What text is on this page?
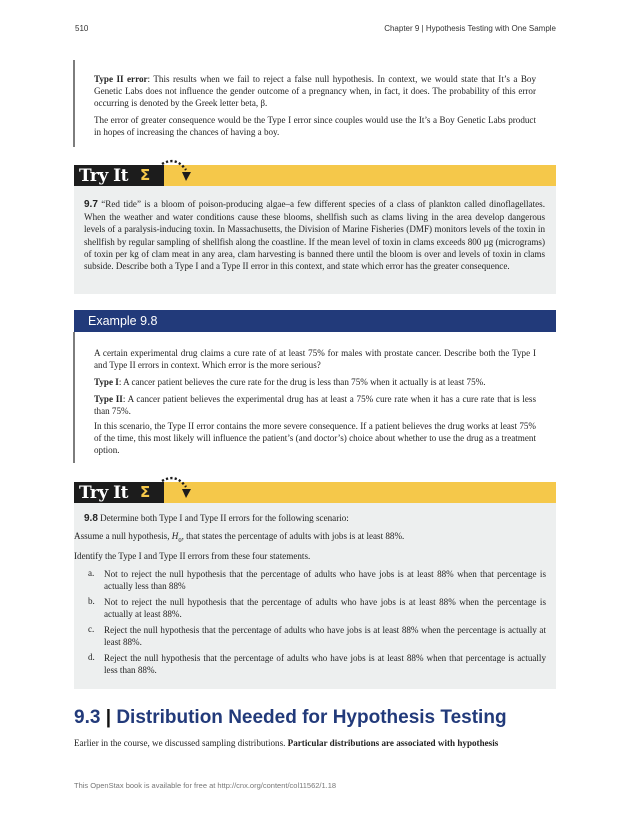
510	Chapter 9 | Hypothesis Testing with One Sample

Type II error: This results when we fail to reject a false null hypothesis. In context, we would state that It’s a Boy Genetic Labs does not influence the gender outcome of a pregnancy when, in fact, it does. The probability of this error occurring is denoted by the Greek letter beta, β.

The error of greater consequence would be the Type I error since couples would use the It’s a Boy Genetic Labs product in hopes of increasing the chances of having a boy.

Try It Σ

9.7 “Red tide” is a bloom of poison-producing algae–a few different species of a class of plankton called dinoflagellates. When the weather and water conditions cause these blooms, shellfish such as clams living in the area develop dangerous levels of a paralysis-inducing toxin. In Massachusetts, the Division of Marine Fisheries (DMF) monitors levels of the toxin in shellfish by regular sampling of shellfish along the coastline. If the mean level of toxin in clams exceeds 800 μg (micrograms) of toxin per kg of clam meat in any area, clam harvesting is banned there until the bloom is over and levels of toxin in clams subside. Describe both a Type I and a Type II error in this context, and state which error has the greater consequence.

Example 9.8

A certain experimental drug claims a cure rate of at least 75% for males with prostate cancer. Describe both the Type I and Type II errors in context. Which error is the more serious?

Type I: A cancer patient believes the cure rate for the drug is less than 75% when it actually is at least 75%.

Type II: A cancer patient believes the experimental drug has at least a 75% cure rate when it has a cure rate that is less than 75%.

In this scenario, the Type II error contains the more severe consequence. If a patient believes the drug works at least 75% of the time, this most likely will influence the patient’s (and doctor’s) choice about whether to use the drug as a treatment option.

Try It Σ

9.8 Determine both Type I and Type II errors for the following scenario:

Assume a null hypothesis, $H_0$, that states the percentage of adults with jobs is at least 88%.

Identify the Type I and Type II errors from these four statements.

a. Not to reject the null hypothesis that the percentage of adults who have jobs is at least 88% when that percentage is actually less than 88%
b. Not to reject the null hypothesis that the percentage of adults who have jobs is at least 88% when the percentage is actually at least 88%.
c. Reject the null hypothesis that the percentage of adults who have jobs is at least 88% when the percentage is actually at least 88%.
d. Reject the null hypothesis that the percentage of adults who have jobs is at least 88% when that percentage is actually less than 88%.
9.3 | Distribution Needed for Hypothesis Testing

Earlier in the course, we discussed sampling distributions. Particular distributions are associated with hypothesis

This OpenStax book is available for free at http://cnx.org/content/col11562/1.18
